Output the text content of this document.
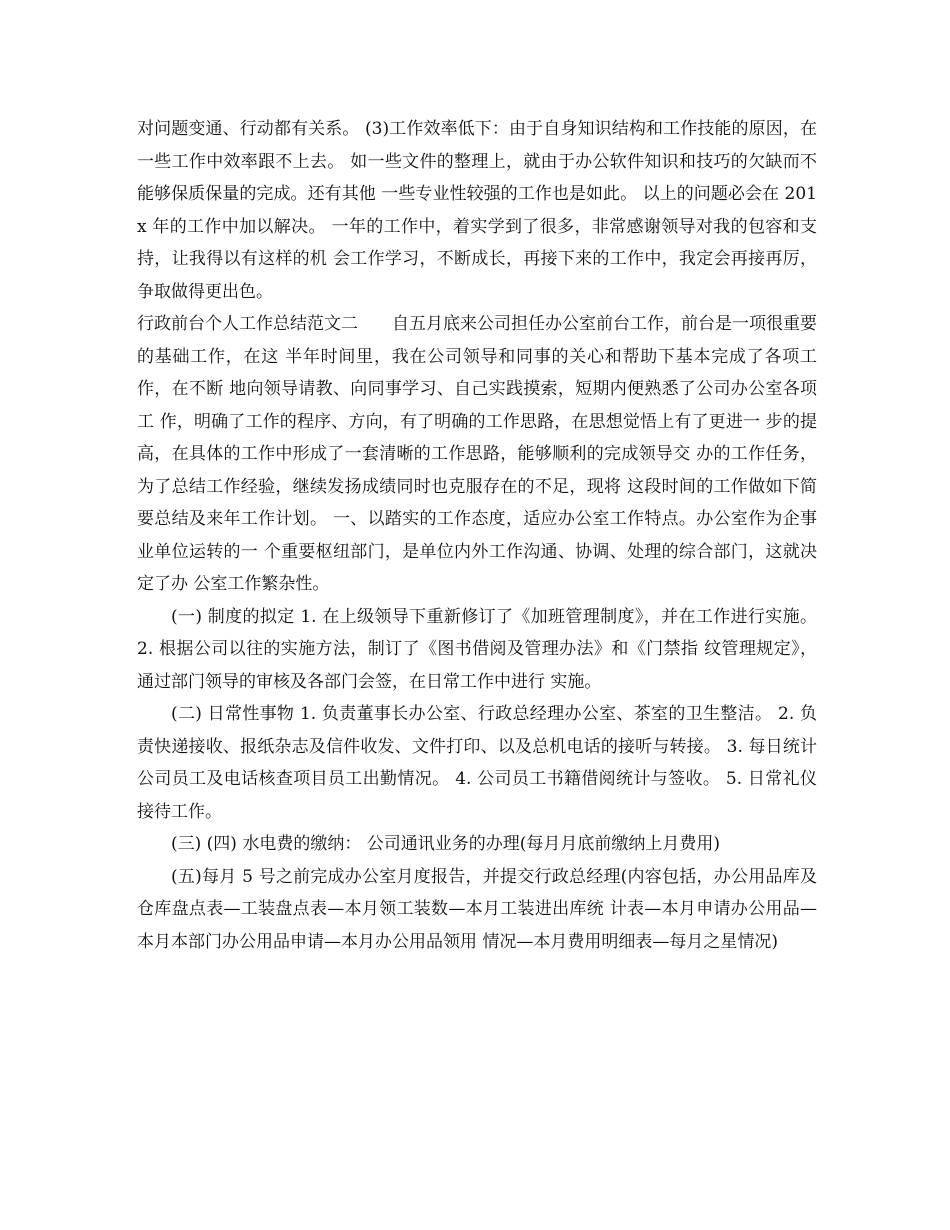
对问题变通、行动都有关系。 (3)工作效率低下：由于自身知识结构和工作技能的原因，在一些工作中效率跟不上去。 如一些文件的整理上，就由于办公软件知识和技巧的欠缺而不能够保质保量的完成。还有其他 一些专业性较强的工作也是如此。 以上的问题必会在 201x 年的工作中加以解决。 一年的工作中，着实学到了很多，非常感谢领导对我的包容和支持，让我得以有这样的机 会工作学习，不断成长，再接下来的工作中，我定会再接再厉，争取做得更出色。

行政前台个人工作总结范文二　　自五月底来公司担任办公室前台工作，前台是一项很重要的基础工作，在这 半年时间里，我在公司领导和同事的关心和帮助下基本完成了各项工作，在不断 地向领导请教、向同事学习、自己实践摸索，短期内便熟悉了公司办公室各项工 作，明确了工作的程序、方向，有了明确的工作思路，在思想觉悟上有了更进一 步的提高，在具体的工作中形成了一套清晰的工作思路，能够顺利的完成领导交 办的工作任务，为了总结工作经验，继续发扬成绩同时也克服存在的不足，现将 这段时间的工作做如下简要总结及来年工作计划。 一、以踏实的工作态度，适应办公室工作特点。办公室作为企事业单位运转的一 个重要枢纽部门，是单位内外工作沟通、协调、处理的综合部门，这就决定了办 公室工作繁杂性。

(一) 制度的拟定 1. 在上级领导下重新修订了《加班管理制度》，并在工作进行实施。 2. 根据公司以往的实施方法，制订了《图书借阅及管理办法》和《门禁指 纹管理规定》，通过部门领导的审核及各部门会签，在日常工作中进行 实施。

(二) 日常性事物 1. 负责董事长办公室、行政总经理办公室、茶室的卫生整洁。 2. 负责快递接收、报纸杂志及信件收发、文件打印、以及总机电话的接听与转接。 3. 每日统计公司员工及电话核查项目员工出勤情况。 4. 公司员工书籍借阅统计与签收。 5. 日常礼仪接待工作。

(三) (四) 水电费的缴纳： 公司通讯业务的办理(每月月底前缴纳上月费用)

(五)每月 5 号之前完成办公室月度报告，并提交行政总经理(内容包括，办公用品库及仓库盘点表—工装盘点表—本月领工装数—本月工装进出库统 计表—本月申请办公用品—本月本部门办公用品申请—本月办公用品领用 情况—本月费用明细表—每月之星情况)
